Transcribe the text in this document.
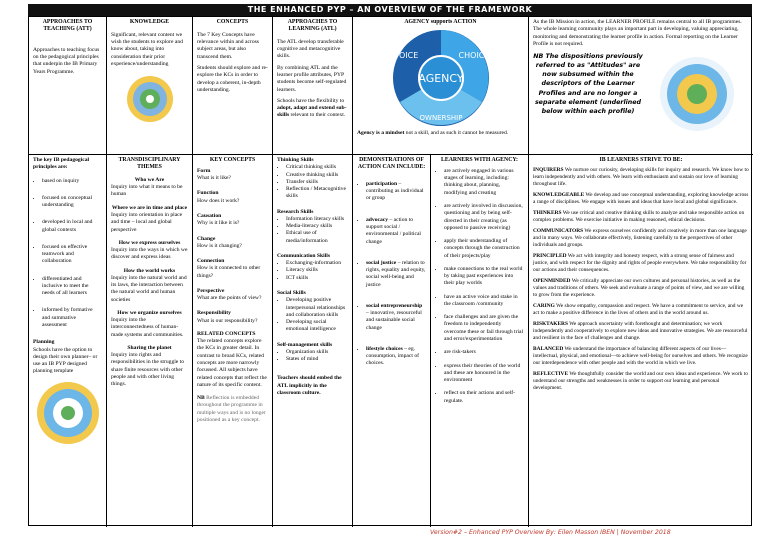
THE ENHANCED PYP – AN OVERVIEW OF THE FRAMEWORK
APPROACHES TO TEACHING (ATT)

Approaches to teaching focus on the pedagogical principles that underpin the IB Primary Years Programme.

KNOWLEDGE

Significant, relevant content we wish the students to explore and know about, taking into consideration their prior experience/understanding

CONCEPTS

The 7 Key Concepts have relevance within and across subject areas, but also transcend them.

Students should explore and re-explore the KCs in order to develop a coherent, in-depth understanding.

APPROACHES TO LEARNING (ATL)

The ATL develop transferable cognitive and metacognitive skills.

By combining ATL and the learner profile attributes, PYP students become self-regulated learners.

Schools have the flexibility to adopt, adapt and extend sub-skills relevant to their context.

AGENCY supports ACTION
AGENCY
VOICE	CHOICE
OWNERSHIP

Agency is a mindset not a skill, and as such it cannot be measured.

As the IB Mission in action, the LEARNER PROFILE remains central to all IB programmes. The whole learning community plays an important part in developing, valuing appreciating, monitoring and demonstrating the learner profile in action. Formal reporting on the Learner Profile is not required.

NB The dispositions previously referred to as "Attitudes" are now subsumed within the descriptors of the Learner Profiles and are no longer a separate element (underlined below within each profile)
The key IB pedagogical principles are:
• based on inquiry
• focused on conceptual understanding
• developed in local and global contexts
• focused on effective teamwork and collaboration
• differentiated and inclusive to meet the needs of all learners
• informed by formative and summative assessment
Planning

Schools have the option to design their own planner– or use an IB PYP designed planning template

TRANSDISCIPLINARY THEMES
Who we Are

Inquiry into what it means to be human

Where we are in time and place

Inquiry into orientation in place and time – local and global perspective

How we express ourselves

Inquiry into the ways in which we discover and express ideas

How the world works

Inquiry into the natural world and its laws, the interaction between the natural world and human societies

How we organize ourselves

Inquiry into the interconnectedness of human-made systems and communities.

Sharing the planet

Inquiry into rights and responsibilities in the struggle to share finite resources with other people and with other living things.

KEY CONCEPTS
Form

What is it like?

Function

How does it work?

Causation

Why is it like it is?

Change

How is it changing?

Connection

How is it connected to other things?

Perspective

What are the points of view?

Responsibility

What is our responsibility?

RELATED CONCEPTS

The related concepts explore the KCs in greater detail. In contrast to broad KCs, related concepts are more narrowly focussed. All subjects have related concepts that reflect the nature of its specific content.

NB Reflection is embedded throughout the programme in multiple ways and is no longer positioned as a key concept.

Thinking Skills
• Critical thinking skills
• Creative thinking skills
• Transfer skills
• Reflection / Metacognitive skills
Research Skills
• Information literacy skills
• Media-literacy skills
• Ethical use of media/information
Communication Skills
• Exchanging-information
• Literacy skills
• ICT skills
Social Skills
• Developing positive interpersonal relationships and collaboration skills
• Developing social emotional intelligence
Self-management skills
• Organization skills
• States of mind

Teachers should embed the ATL implicitly in the classroom culture.

DEMONSTRATIONS OF ACTION CAN INCLUDE:
• participation – contributing as individual or group
• advocacy – action to support social / environmental / political change
• social justice – relation to rights, equality and equity, social well-being and justice
• social entrepreneurship – innovative, resourceful and sustainable social change
• lifestyle choices – eg. consumption, impact of choices.
LEARNERS WITH AGENCY:
• are actively engaged in various stages of learning, including: thinking about, planning, modifying and creating
• are actively involved in discussion, questioning and by being self-directed in their creating (as opposed to passive receiving)
• apply their understanding of concepts through the construction of their projects/play
• make connections to the real world by taking past experiences into their play worlds
• have an active voice and stake in the classroom /community
• face challenges and are given the freedom to independently overcome these or fail through trial and error/experimentation
• are risk-takers
• express their theories of the world and these are honoured in the environment
• reflect on their actions and self-regulate.
IB LEARNERS STRIVE TO BE:

INQUIRERS We nurture our curiosity, developing skills for inquiry and research. We know how to learn independently and with others. We learn with enthusiasm and sustain our love of learning throughout life.

KNOWLEDGEABLE We develop and use conceptual understanding, exploring knowledge across a range of disciplines. We engage with issues and ideas that have local and global significance.

THINKERS We use critical and creative thinking skills to analyze and take responsible action on complex problems. We exercise initiative in making reasoned, ethical decisions.

COMMUNICATORS We express ourselves confidently and creatively in more than one language and in many ways. We collaborate effectively, listening carefully to the perspectives of other individuals and groups.

PRINCIPLED We act with integrity and honesty respect, with a strong sense of fairness and justice, and with respect for the dignity and rights of people everywhere. We take responsibility for our actions and their consequences.

OPENMINDED We critically appreciate our own cultures and personal histories, as well as the values and traditions of others. We seek and evaluate a range of points of view, and we are willing to grow from the experience.

CARING We show empathy, compassion and respect. We have a commitment to service, and we act to make a positive difference in the lives of others and in the world around us.

RISKTAKERS We approach uncertainty with forethought and determination; we work independently and cooperatively to explore new ideas and innovative strategies. We are resourceful and resilient in the face of challenges and change.

BALANCED We understand the importance of balancing different aspects of our lives—intellectual, physical, and emotional—to achieve well-being for ourselves and others. We recognize our interdependence with other people and with the world in which we live.

REFLECTIVE We thoughtfully consider the world and our own ideas and experience. We work to understand our strengths and weaknesses in order to support our learning and personal development.

Version#2 – Enhanced PYP Overview By: Eilen Masson IBEN | November 2018
